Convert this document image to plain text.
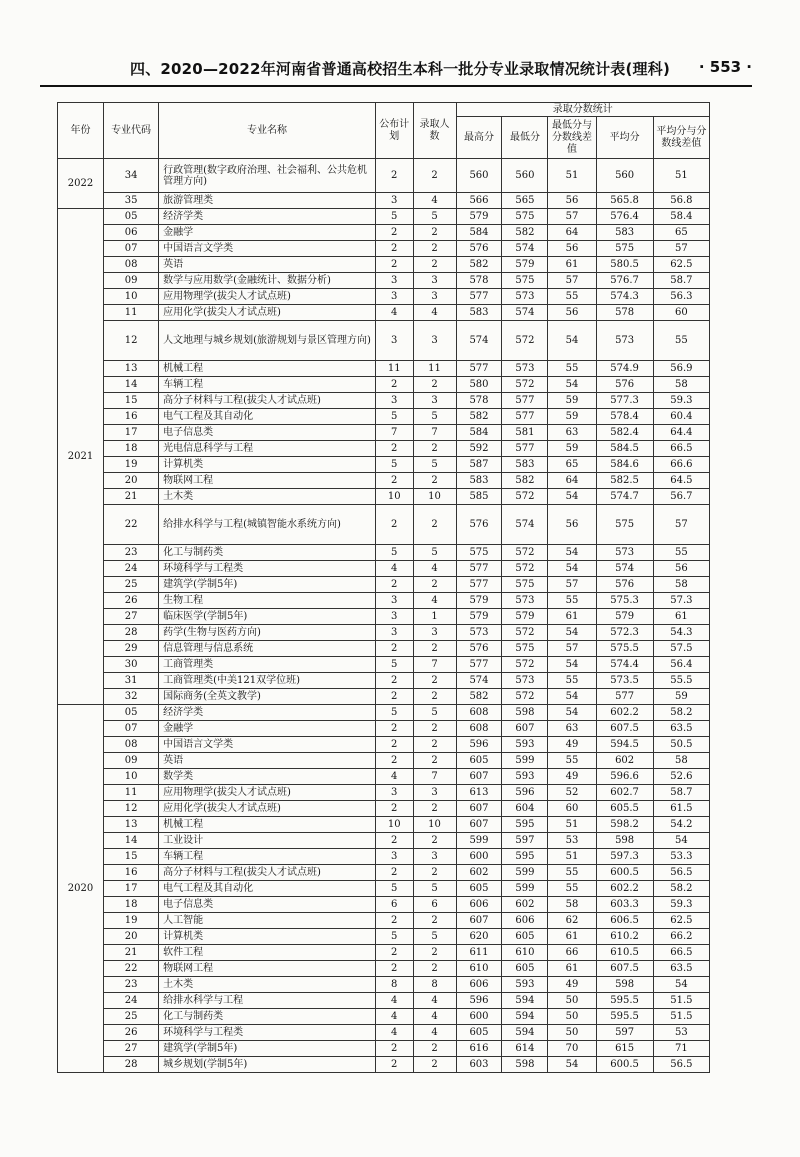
四、2020—2022年河南省普通高校招生本科一批分专业录取情况统计表(理科) · 553 ·
年份	专业代码	专业名称	公布计划	录取人数	录取分数统计				
					最高分	最低分	最低分与分数线差值	平均分	平均分与分数线差值
2022	34	行政管理(数字政府治理、社会福利、公共危机管理方向)	2	2	560	560	51	560	51
	35	旅游管理类	3	4	566	565	56	565.8	56.8
2021	05	经济学类	5	5	579	575	57	576.4	58.4
	06	金融学	2	2	584	582	64	583	65
	07	中国语言文学类	2	2	576	574	56	575	57
	08	英语	2	2	582	579	61	580.5	62.5
	09	数学与应用数学(金融统计、数据分析)	3	3	578	575	57	576.7	58.7
	10	应用物理学(拔尖人才试点班)	3	3	577	573	55	574.3	56.3
	11	应用化学(拔尖人才试点班)	4	4	583	574	56	578	60
	12	人文地理与城乡规划(旅游规划与景区管理方向)	3	3	574	572	54	573	55
	13	机械工程	11	11	577	573	55	574.9	56.9
	14	车辆工程	2	2	580	572	54	576	58
	15	高分子材料与工程(拔尖人才试点班)	3	3	578	577	59	577.3	59.3
	16	电气工程及其自动化	5	5	582	577	59	578.4	60.4
	17	电子信息类	7	7	584	581	63	582.4	64.4
	18	光电信息科学与工程	2	2	592	577	59	584.5	66.5
	19	计算机类	5	5	587	583	65	584.6	66.6
	20	物联网工程	2	2	583	582	64	582.5	64.5
	21	土木类	10	10	585	572	54	574.7	56.7
	22	给排水科学与工程(城镇智能水系统方向)	2	2	576	574	56	575	57
	23	化工与制药类	5	5	575	572	54	573	55
	24	环境科学与工程类	4	4	577	572	54	574	56
	25	建筑学(学制5年)	2	2	577	575	57	576	58
	26	生物工程	3	4	579	573	55	575.3	57.3
	27	临床医学(学制5年)	3	1	579	579	61	579	61
	28	药学(生物与医药方向)	3	3	573	572	54	572.3	54.3
	29	信息管理与信息系统	2	2	576	575	57	575.5	57.5
	30	工商管理类	5	7	577	572	54	574.4	56.4
	31	工商管理类(中美121双学位班)	2	2	574	573	55	573.5	55.5
	32	国际商务(全英文教学)	2	2	582	572	54	577	59
2020	05	经济学类	5	5	608	598	54	602.2	58.2
	07	金融学	2	2	608	607	63	607.5	63.5
	08	中国语言文学类	2	2	596	593	49	594.5	50.5
	09	英语	2	2	605	599	55	602	58
	10	数学类	4	7	607	593	49	596.6	52.6
	11	应用物理学(拔尖人才试点班)	3	3	613	596	52	602.7	58.7
	12	应用化学(拔尖人才试点班)	2	2	607	604	60	605.5	61.5
	13	机械工程	10	10	607	595	51	598.2	54.2
	14	工业设计	2	2	599	597	53	598	54
	15	车辆工程	3	3	600	595	51	597.3	53.3
	16	高分子材料与工程(拔尖人才试点班)	2	2	602	599	55	600.5	56.5
	17	电气工程及其自动化	5	5	605	599	55	602.2	58.2
	18	电子信息类	6	6	606	602	58	603.3	59.3
	19	人工智能	2	2	607	606	62	606.5	62.5
	20	计算机类	5	5	620	605	61	610.2	66.2
	21	软件工程	2	2	611	610	66	610.5	66.5
	22	物联网工程	2	2	610	605	61	607.5	63.5
	23	土木类	8	8	606	593	49	598	54
	24	给排水科学与工程	4	4	596	594	50	595.5	51.5
	25	化工与制药类	4	4	600	594	50	595.5	51.5
	26	环境科学与工程类	4	4	605	594	50	597	53
	27	建筑学(学制5年)	2	2	616	614	70	615	71
	28	城乡规划(学制5年)	2	2	603	598	54	600.5	56.5
